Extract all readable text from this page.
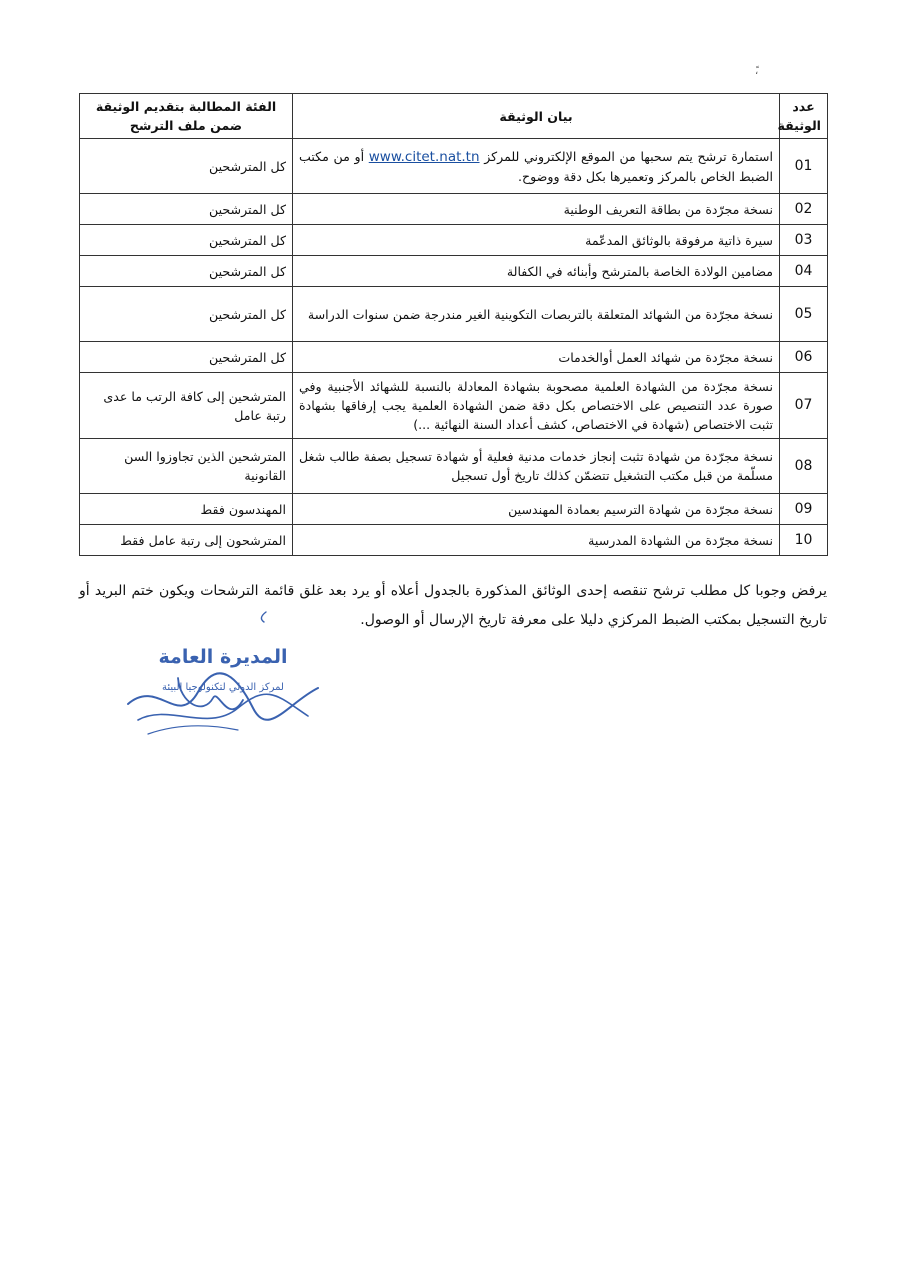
،
عدد الوثيقة	بيان الوثيقة	الفئة المطالبة بتقديم الوثيقة ضمن ملف الترشح
01	استمارة ترشح يتم سحبها من الموقع الإلكتروني للمركز www.citet.nat.tn أو من مكتب الضبط الخاص بالمركز وتعميرها بكل دقة ووضوح.	كل المترشحين
02	نسخة مجرّدة من بطاقة التعريف الوطنية	كل المترشحين
03	سيرة ذاتية مرفوقة بالوثائق المدعّمة	كل المترشحين
04	مضامين الولادة الخاصة بالمترشح وأبنائه في الكفالة	كل المترشحين
05	نسخة مجرّدة من الشهائد المتعلقة بالتربصات التكوينية الغير مندرجة ضمن سنوات الدراسة	كل المترشحين
06	نسخة مجرّدة من شهائد العمل أوالخدمات	كل المترشحين
07	نسخة مجرّدة من الشهادة العلمية مصحوبة بشهادة المعادلة بالنسبة للشهائد الأجنبية وفي صورة عدد التنصيص على الاختصاص بكل دقة ضمن الشهادة العلمية يجب إرفاقها بشهادة تثبت الاختصاص (شهادة في الاختصاص، كشف أعداد السنة النهائية ...)	المترشحين إلى كافة الرتب ما عدى رتبة عامل
08	نسخة مجرّدة من شهادة تثبت إنجاز خدمات مدنية فعلية أو شهادة تسجيل بصفة طالب شغل مسلّمة من قبل مكتب التشغيل تتضمّن كذلك تاريخ أول تسجيل	المترشحين الذين تجاوزوا السن القانونية
09	نسخة مجرّدة من شهادة الترسيم بعمادة المهندسين	المهندسون فقط
10	نسخة مجرّدة من الشهادة المدرسية	المترشحون إلى رتبة عامل فقط

يرفض وجوبا كل مطلب ترشح تنقصه إحدى الوثائق المذكورة بالجدول أعلاه أو يرد بعد غلق قائمة الترشحات ويكون ختم البريد أو تاريخ التسجيل بمكتب الضبط المركزي دليلا على معرفة تاريخ الإرسال أو الوصول.

المديرة العامة
لمركز الدولي لتكنولوجيا البيئة
